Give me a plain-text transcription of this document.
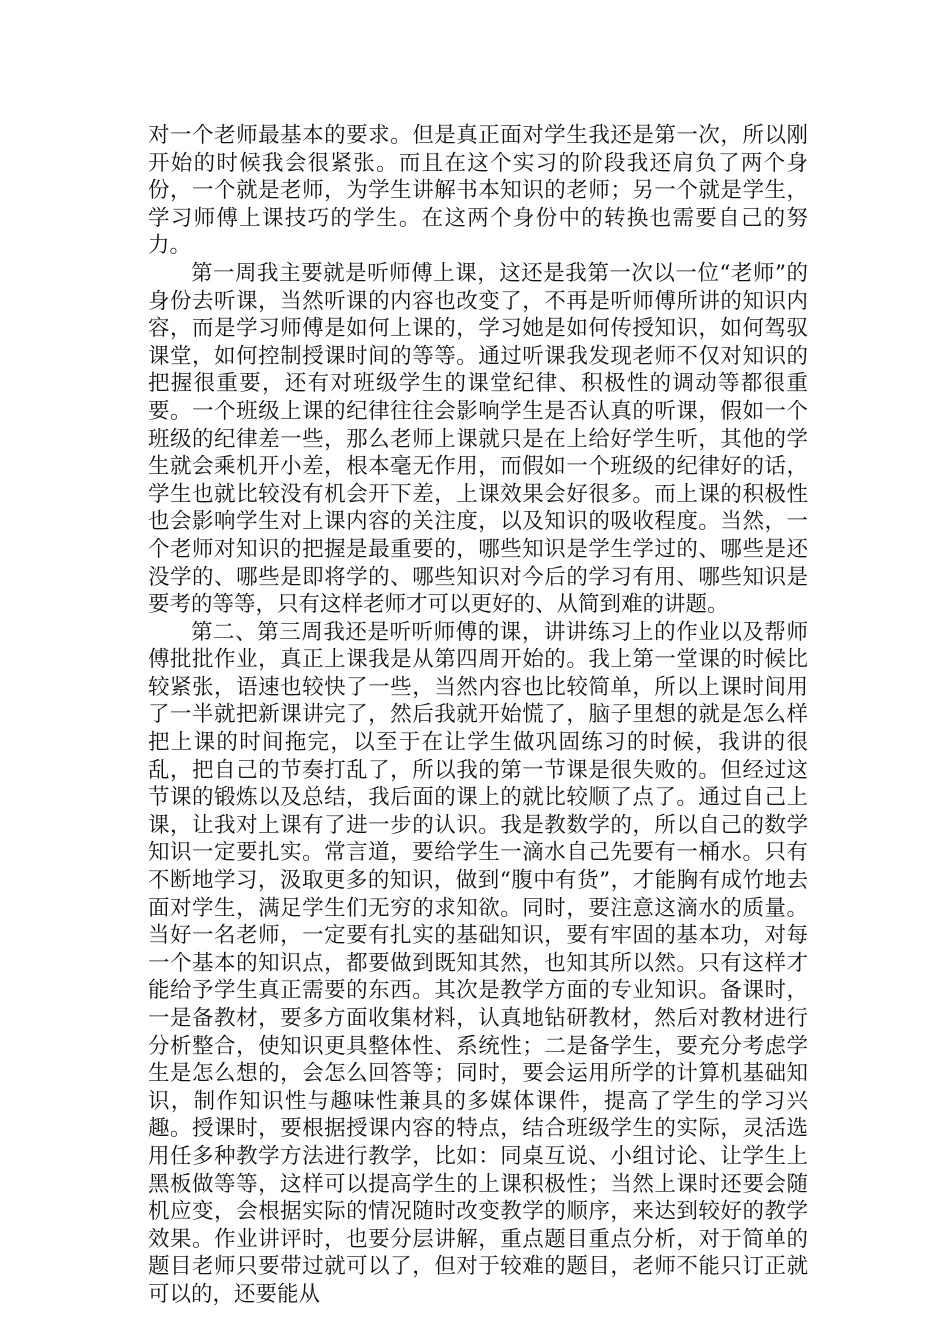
对一个老师最基本的要求。但是真正面对学生我还是第一次，所以刚开始的时候我会很紧张。而且在这个实习的阶段我还肩负了两个身份，一个就是老师，为学生讲解书本知识的老师；另一个就是学生，学习师傅上课技巧的学生。在这两个身份中的转换也需要自己的努力。

第一周我主要就是听师傅上课，这还是我第一次以一位“老师”的身份去听课，当然听课的内容也改变了，不再是听师傅所讲的知识内容，而是学习师傅是如何上课的，学习她是如何传授知识，如何驾驭课堂，如何控制授课时间的等等。通过听课我发现老师不仅对知识的把握很重要，还有对班级学生的课堂纪律、积极性的调动等都很重要。一个班级上课的纪律往往会影响学生是否认真的听课，假如一个班级的纪律差一些，那么老师上课就只是在上给好学生听，其他的学生就会乘机开小差，根本毫无作用，而假如一个班级的纪律好的话，学生也就比较没有机会开下差，上课效果会好很多。而上课的积极性也会影响学生对上课内容的关注度，以及知识的吸收程度。当然，一个老师对知识的把握是最重要的，哪些知识是学生学过的、哪些是还没学的、哪些是即将学的、哪些知识对今后的学习有用、哪些知识是要考的等等，只有这样老师才可以更好的、从简到难的讲题。

第二、第三周我还是听听师傅的课，讲讲练习上的作业以及帮师傅批批作业，真正上课我是从第四周开始的。我上第一堂课的时候比较紧张，语速也较快了一些，当然内容也比较简单，所以上课时间用了一半就把新课讲完了，然后我就开始慌了，脑子里想的就是怎么样把上课的时间拖完，以至于在让学生做巩固练习的时候，我讲的很乱，把自己的节奏打乱了，所以我的第一节课是很失败的。但经过这节课的锻炼以及总结，我后面的课上的就比较顺了点了。通过自己上课，让我对上课有了进一步的认识。我是教数学的，所以自己的数学知识一定要扎实。常言道，要给学生一滴水自己先要有一桶水。只有不断地学习，汲取更多的知识，做到“腹中有货”，才能胸有成竹地去面对学生，满足学生们无穷的求知欲。同时，要注意这滴水的质量。当好一名老师，一定要有扎实的基础知识，要有牢固的基本功，对每一个基本的知识点，都要做到既知其然，也知其所以然。只有这样才能给予学生真正需要的东西。其次是教学方面的专业知识。备课时，一是备教材，要多方面收集材料，认真地钻研教材，然后对教材进行分析整合，使知识更具整体性、系统性；二是备学生，要充分考虑学生是怎么想的，会怎么回答等；同时，要会运用所学的计算机基础知识，制作知识性与趣味性兼具的多媒体课件，提高了学生的学习兴趣。授课时，要根据授课内容的特点，结合班级学生的实际，灵活选用任多种教学方法进行教学，比如：同桌互说、小组讨论、让学生上黑板做等等，这样可以提高学生的上课积极性；当然上课时还要会随机应变，会根据实际的情况随时改变教学的顺序，来达到较好的教学效果。作业讲评时，也要分层讲解，重点题目重点分析，对于简单的题目老师只要带过就可以了，但对于较难的题目，老师不能只订正就可以的，还要能从
